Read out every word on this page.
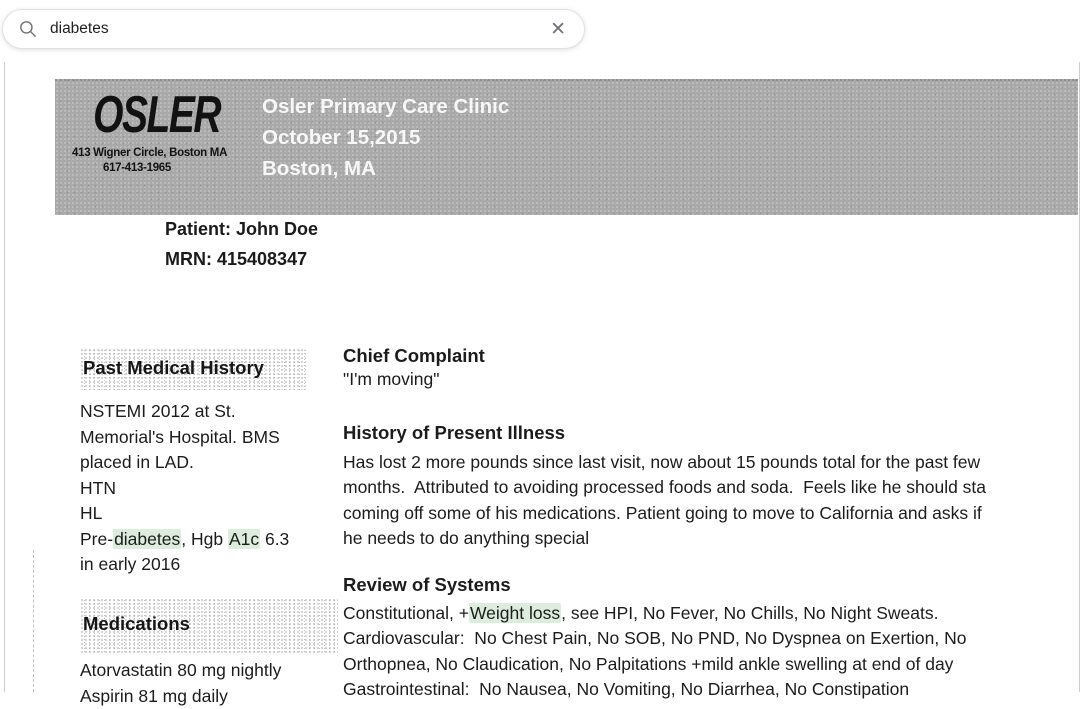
diabetes
✕
OSLER
413 Wigner Circle, Boston MA
617-413-1965
Osler Primary Care Clinic
October 15,2015
Boston, MA
Patient: John Doe
MRN: 415408347
Past Medical History
NSTEMI 2012 at St.
Memorial's Hospital. BMS
placed in LAD.
HTN
HL
Pre-diabetes, Hgb A1c 6.3
in early 2016
Medications
Atorvastatin 80 mg nightly
Aspirin 81 mg daily
Chief Complaint
"I'm moving"
History of Present Illness
Has lost 2 more pounds since last visit, now about 15 pounds total for the past few
months.  Attributed to avoiding processed foods and soda.  Feels like he should sta
coming off some of his medications. Patient going to move to California and asks if
he needs to do anything special
Review of Systems
Constitutional, +Weight loss, see HPI, No Fever, No Chills, No Night Sweats.
Cardiovascular:  No Chest Pain, No SOB, No PND, No Dyspnea on Exertion, No
Orthopnea, No Claudication, No Palpitations +mild ankle swelling at end of day
Gastrointestinal:  No Nausea, No Vomiting, No Diarrhea, No Constipation
